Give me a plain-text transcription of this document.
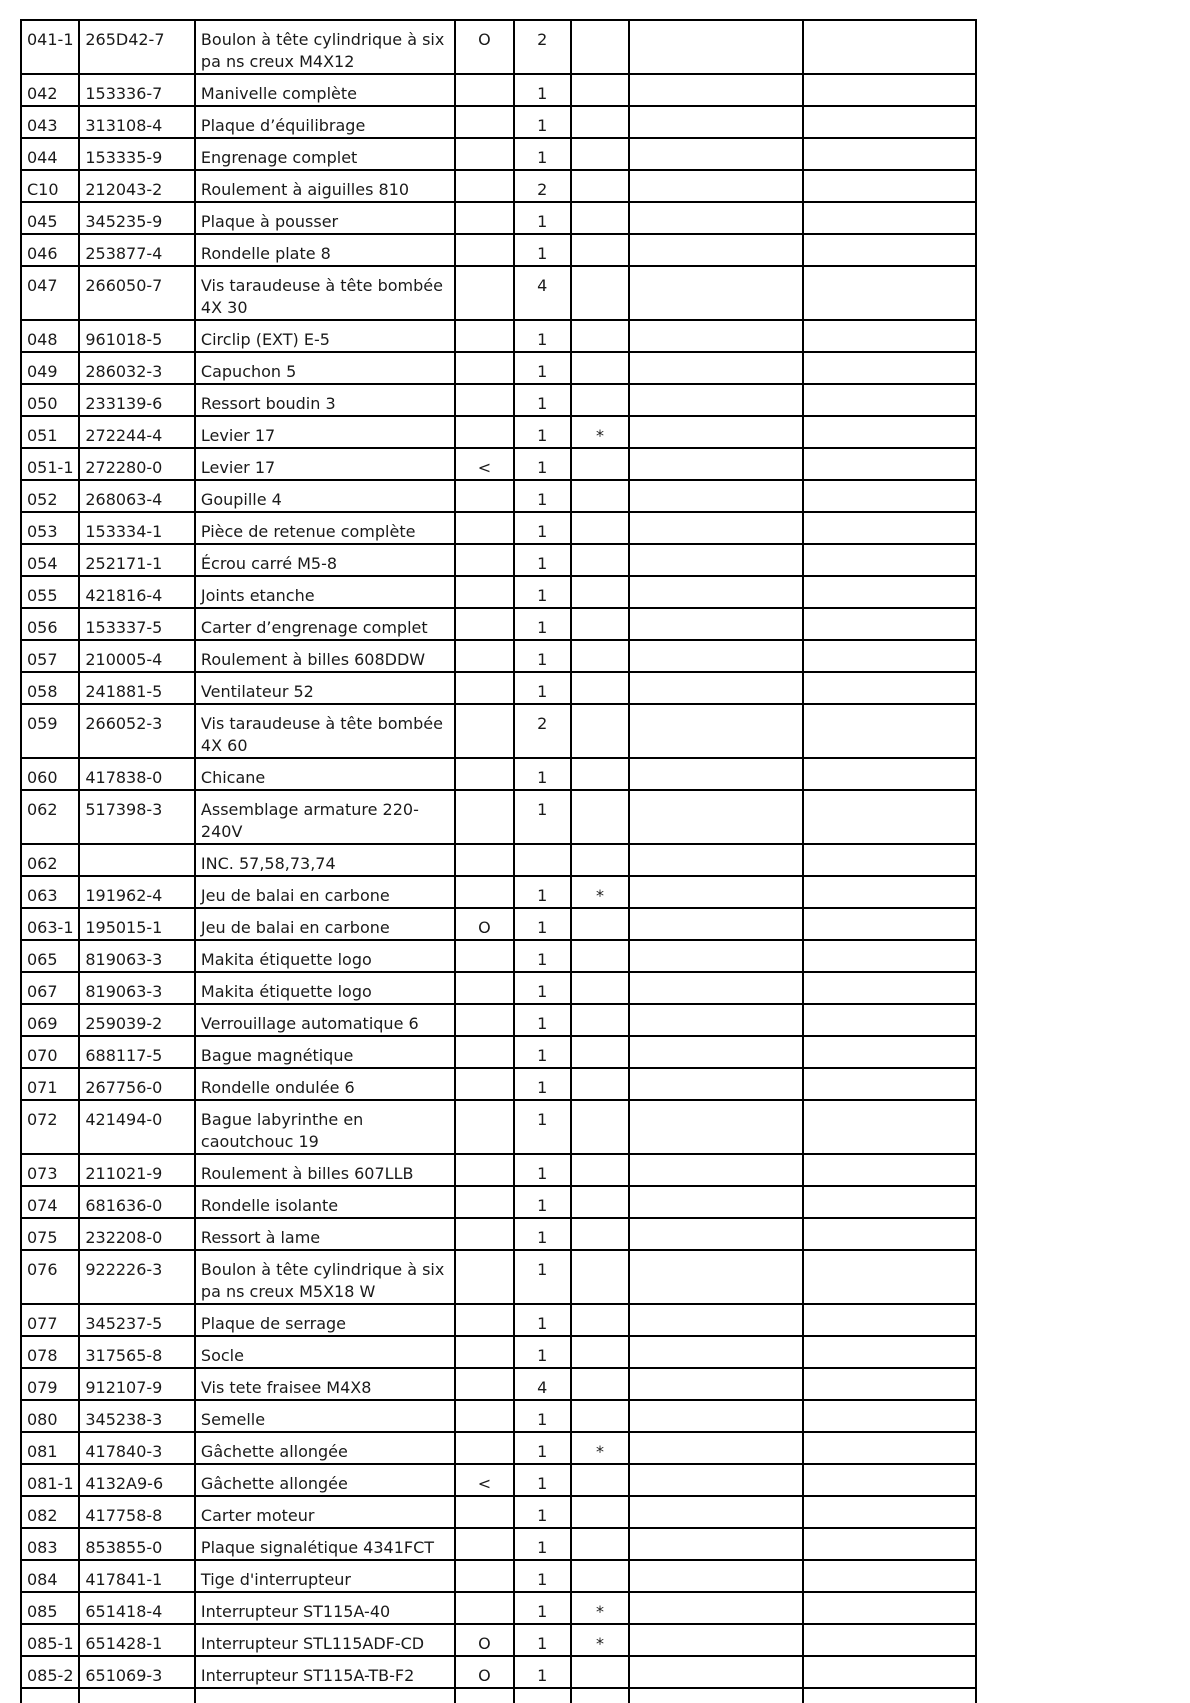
041-1	265D42-7	Boulon à tête cylindrique à six pa ns creux M4X12	O	2			
042	153336-7	Manivelle complète		1			
043	313108-4	Plaque d’équilibrage		1			
044	153335-9	Engrenage complet		1			
C10	212043-2	Roulement à aiguilles 810		2			
045	345235-9	Plaque à pousser		1			
046	253877-4	Rondelle plate 8		1			
047	266050-7	Vis taraudeuse à tête bombée 4X 30		4			
048	961018-5	Circlip (EXT) E-5		1			
049	286032-3	Capuchon 5		1			
050	233139-6	Ressort boudin 3		1			
051	272244-4	Levier 17		1	*		
051-1	272280-0	Levier 17	<	1			
052	268063-4	Goupille 4		1			
053	153334-1	Pièce de retenue complète		1			
054	252171-1	Écrou carré M5-8		1			
055	421816-4	Joints etanche		1			
056	153337-5	Carter d’engrenage complet		1			
057	210005-4	Roulement à billes 608DDW		1			
058	241881-5	Ventilateur 52		1			
059	266052-3	Vis taraudeuse à tête bombée 4X 60		2			
060	417838-0	Chicane		1			
062	517398-3	Assemblage armature 220-240V		1			
062		INC. 57,58,73,74					
063	191962-4	Jeu de balai en carbone		1	*		
063-1	195015-1	Jeu de balai en carbone	O	1			
065	819063-3	Makita étiquette logo		1			
067	819063-3	Makita étiquette logo		1			
069	259039-2	Verrouillage automatique 6		1			
070	688117-5	Bague magnétique		1			
071	267756-0	Rondelle ondulée 6		1			
072	421494-0	Bague labyrinthe en caoutchouc 19		1			
073	211021-9	Roulement à billes 607LLB		1			
074	681636-0	Rondelle isolante		1			
075	232208-0	Ressort à lame		1			
076	922226-3	Boulon à tête cylindrique à six pa ns creux M5X18 W		1			
077	345237-5	Plaque de serrage		1			
078	317565-8	Socle		1			
079	912107-9	Vis tete fraisee M4X8		4			
080	345238-3	Semelle		1			
081	417840-3	Gâchette allongée		1	*		
081-1	4132A9-6	Gâchette allongée	<	1			
082	417758-8	Carter moteur		1			
083	853855-0	Plaque signalétique 4341FCT		1			
084	417841-1	Tige d'interrupteur		1			
085	651418-4	Interrupteur ST115A-40		1	*		
085-1	651428-1	Interrupteur STL115ADF-CD	O	1	*		
085-2	651069-3	Interrupteur ST115A-TB-F2	O	1			
